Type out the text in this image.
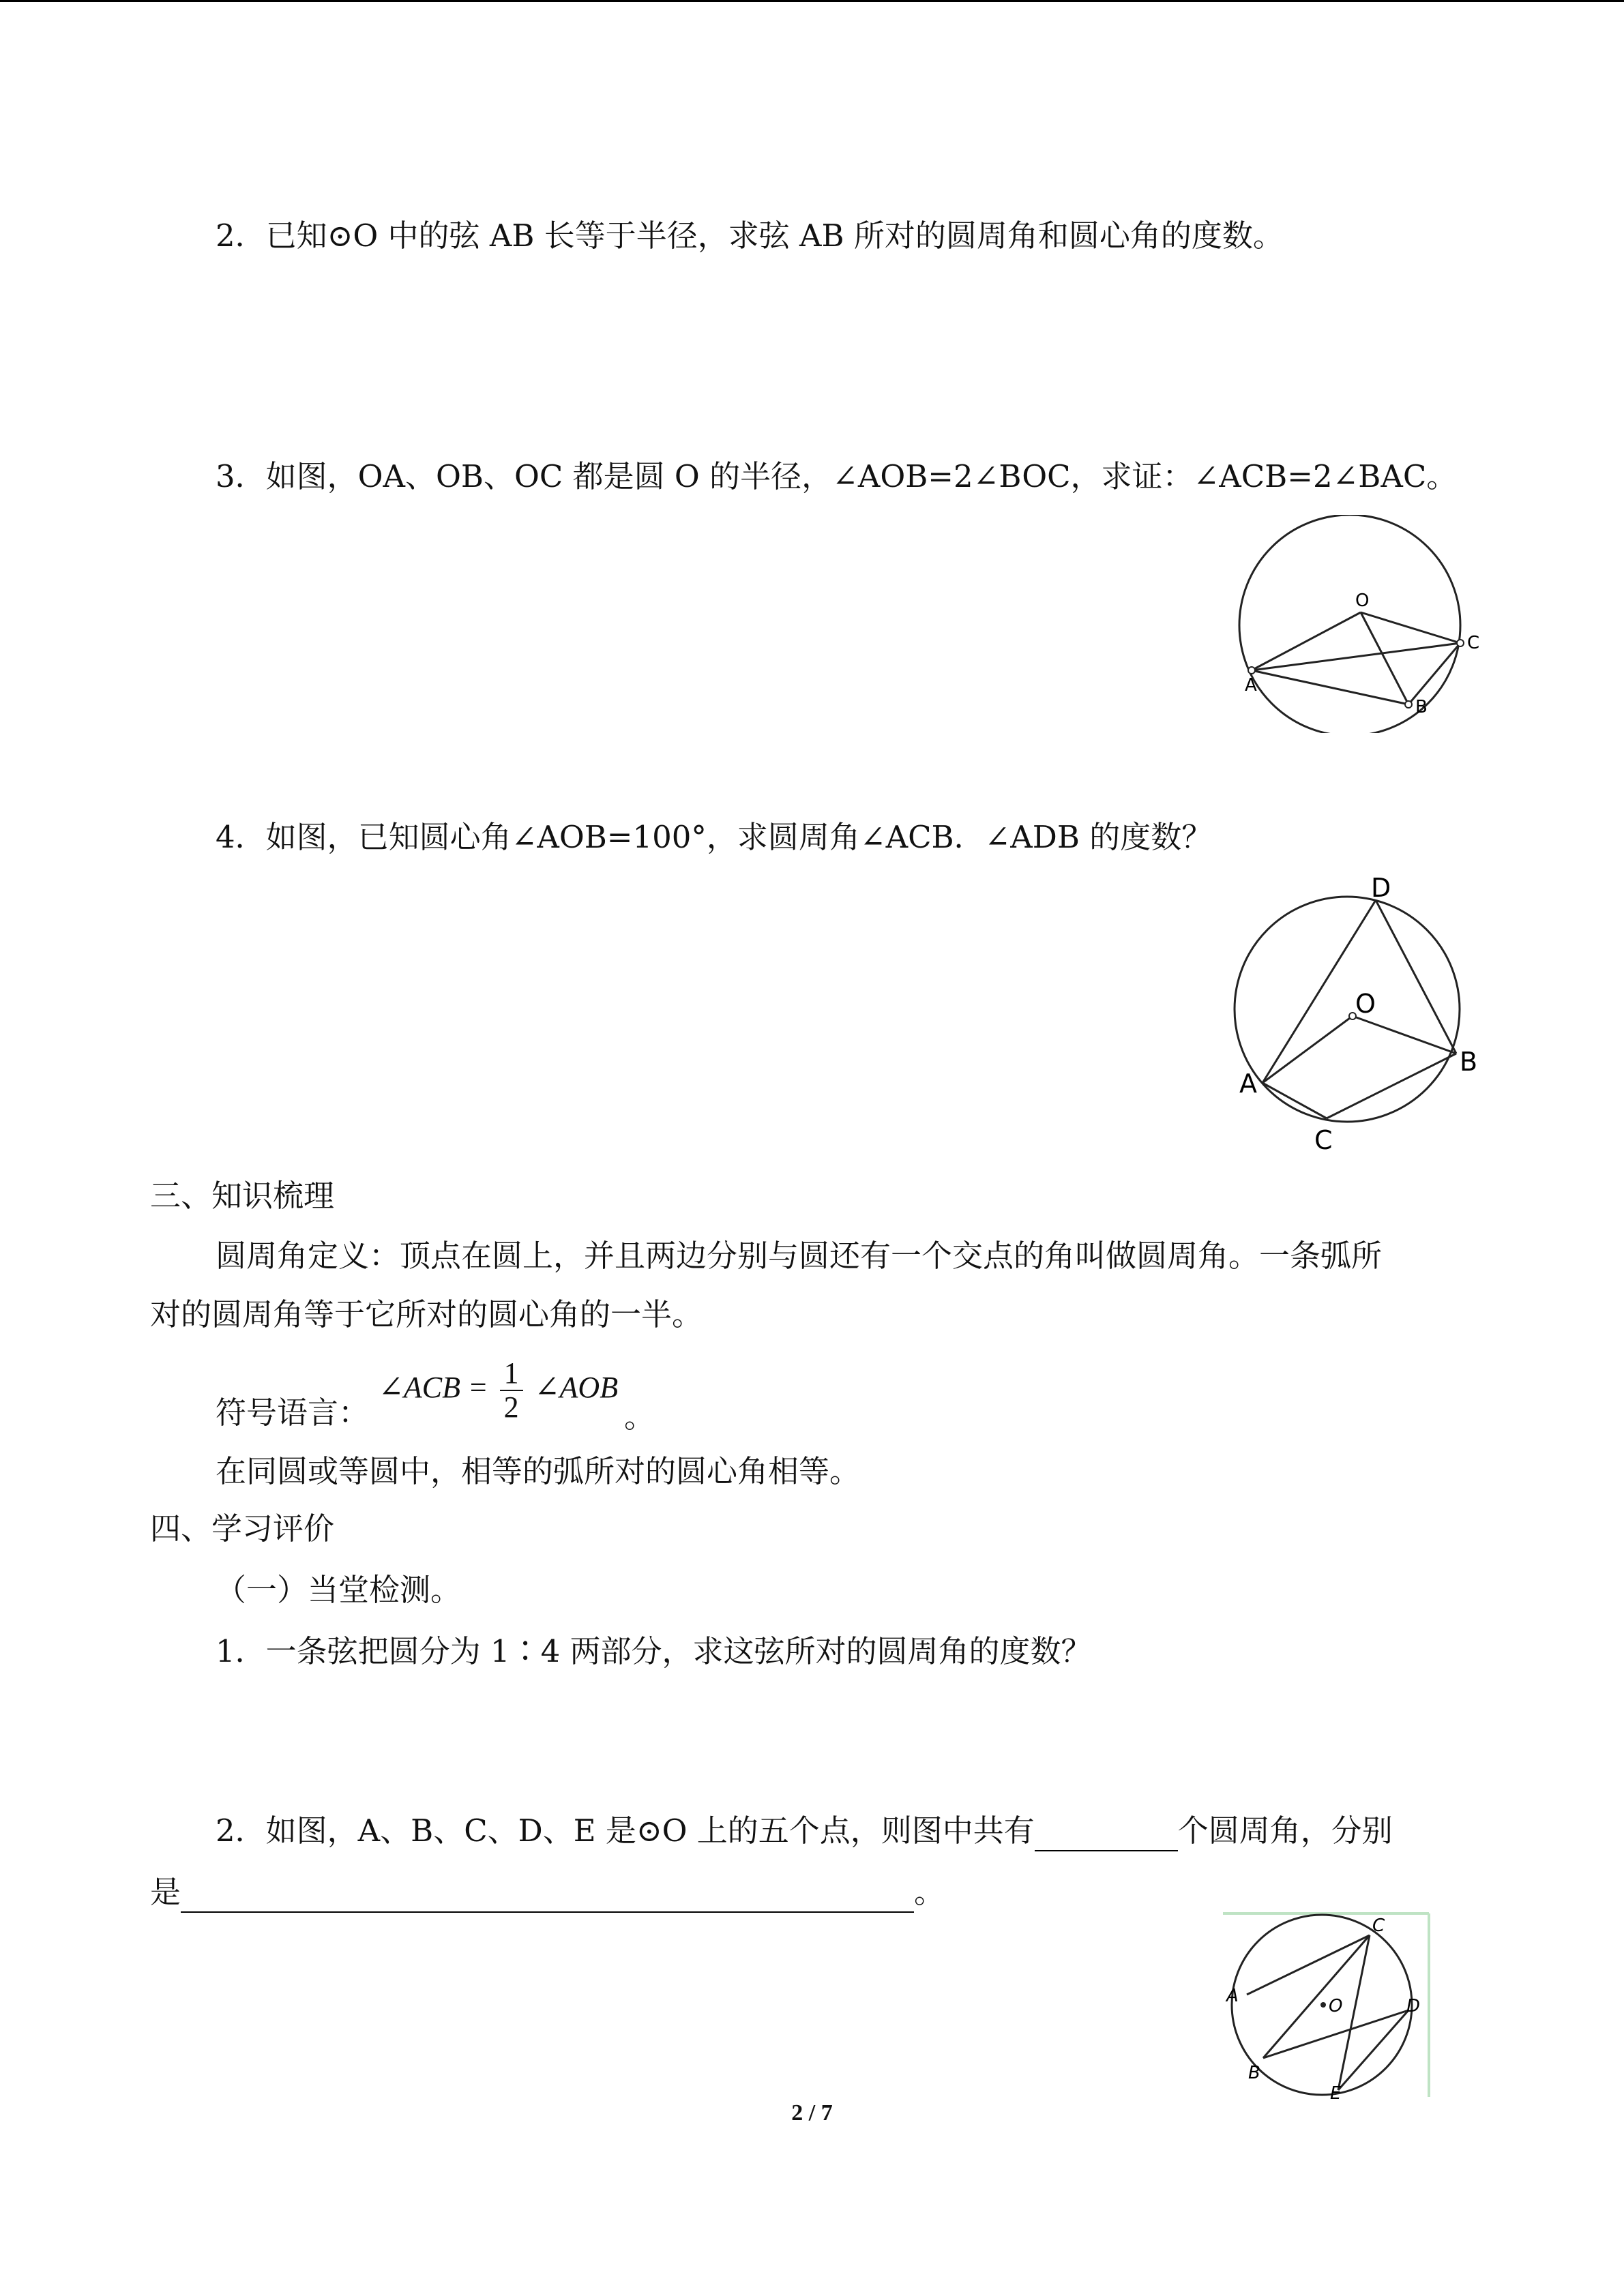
2．已知⊙O 中的弦 AB 长等于半径，求弦 AB 所对的圆周角和圆心角的度数。
3．如图，OA、OB、OC 都是圆 O 的半径，∠AOB=2∠BOC，求证：∠ACB=2∠BAC。
O
A
B
C
4．如图，已知圆心角∠AOB=100°，求圆周角∠ACB．∠ADB 的度数？
D
O
A
B
C
三、知识梳理
圆周角定义：顶点在圆上，并且两边分别与圆还有一个交点的角叫做圆周角。一条弧所
对的圆周角等于它所对的圆心角的一半。
符号语言：
∠ACB = $\frac{1}{2}$ ∠AOB
。
在同圆或等圆中，相等的弧所对的圆心角相等。
四、学习评价
（一）当堂检测。
1．一条弦把圆分为 1∶4 两部分，求这弦所对的圆周角的度数？
2．如图，A、B、C、D、E 是⊙O 上的五个点，则图中共有	个圆周角，分别
是	。
O
A
B
C
D
E
2 / 7
